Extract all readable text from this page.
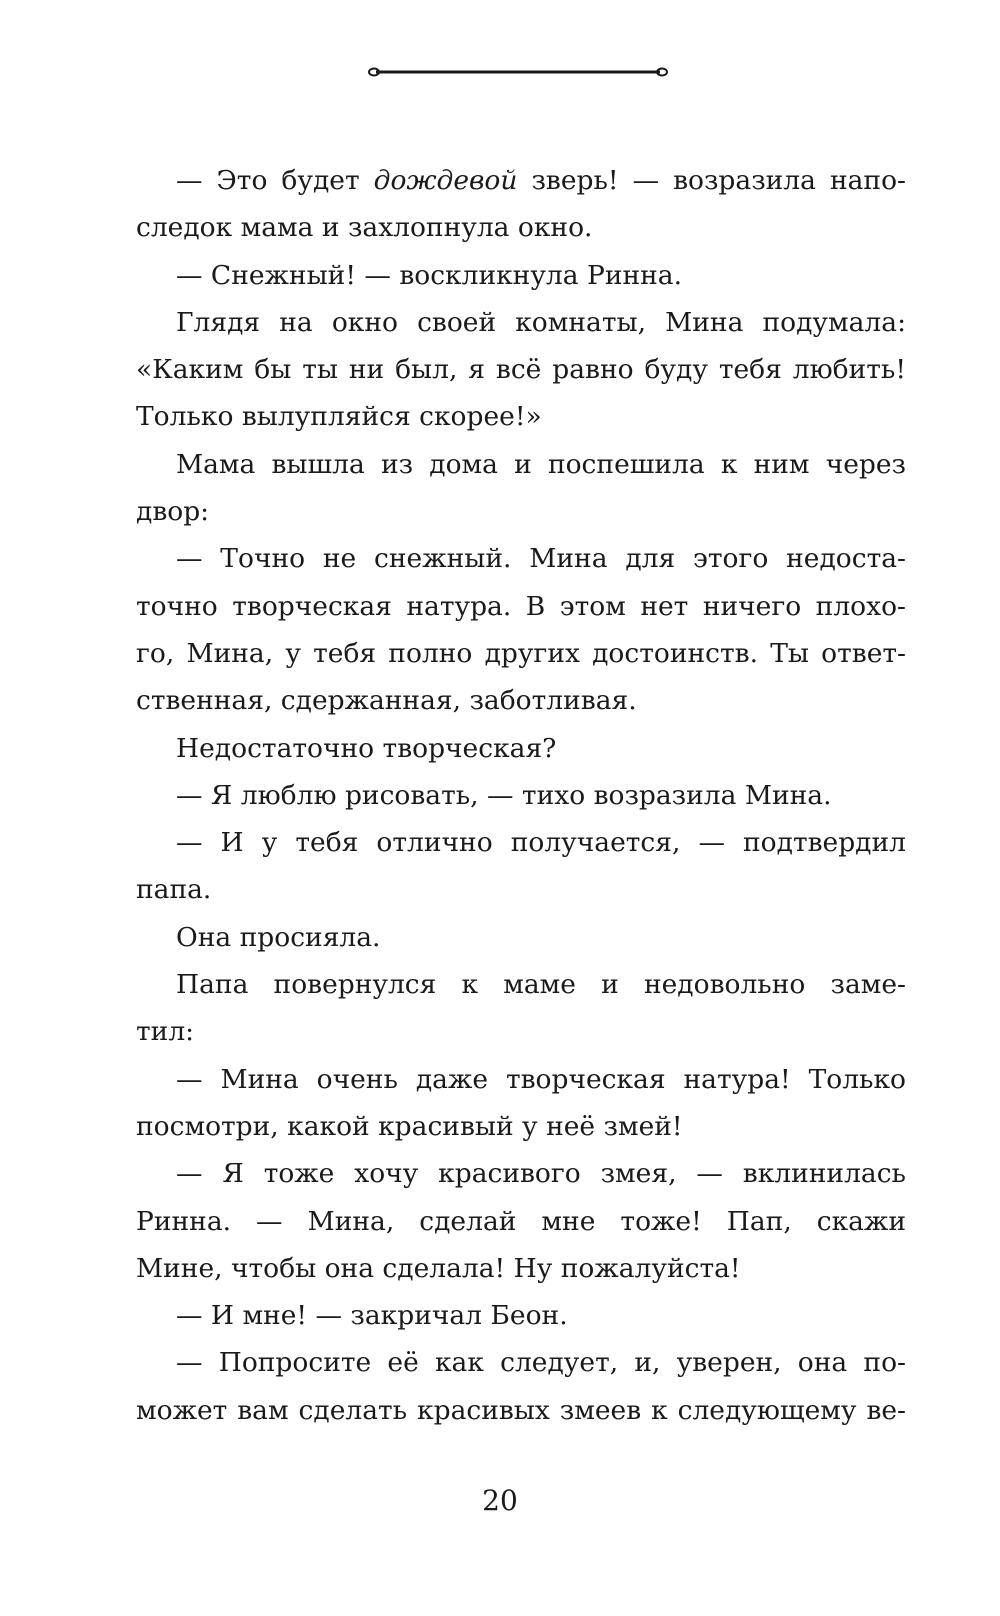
— Это будет дождевой зверь! — возразила напо-
следок мама и захлопнула окно.
— Снежный! — воскликнула Ринна.
Глядя на окно своей комнаты, Мина подумала:
«Каким бы ты ни был, я всё равно буду тебя любить!
Только вылупляйся скорее!»
Мама вышла из дома и поспешила к ним через
двор:
— Точно не снежный. Мина для этого недоста-
точно творческая натура. В этом нет ничего плохо-
го, Мина, у тебя полно других достоинств. Ты ответ-
ственная, сдержанная, заботливая.
Недостаточно творческая?
— Я люблю рисовать, — тихо возразила Мина.
— И у тебя отлично получается, — подтвердил
папа.
Она просияла.
Папа повернулся к маме и недовольно заме-
тил:
— Мина очень даже творческая натура! Только
посмотри, какой красивый у неё змей!
— Я тоже хочу красивого змея, — вклинилась
Ринна. — Мина, сделай мне тоже! Пап, скажи
Мине, чтобы она сделала! Ну пожалуйста!
— И мне! — закричал Беон.
— Попросите её как следует, и, уверен, она по-
может вам сделать красивых змеев к следующему ве-
20
